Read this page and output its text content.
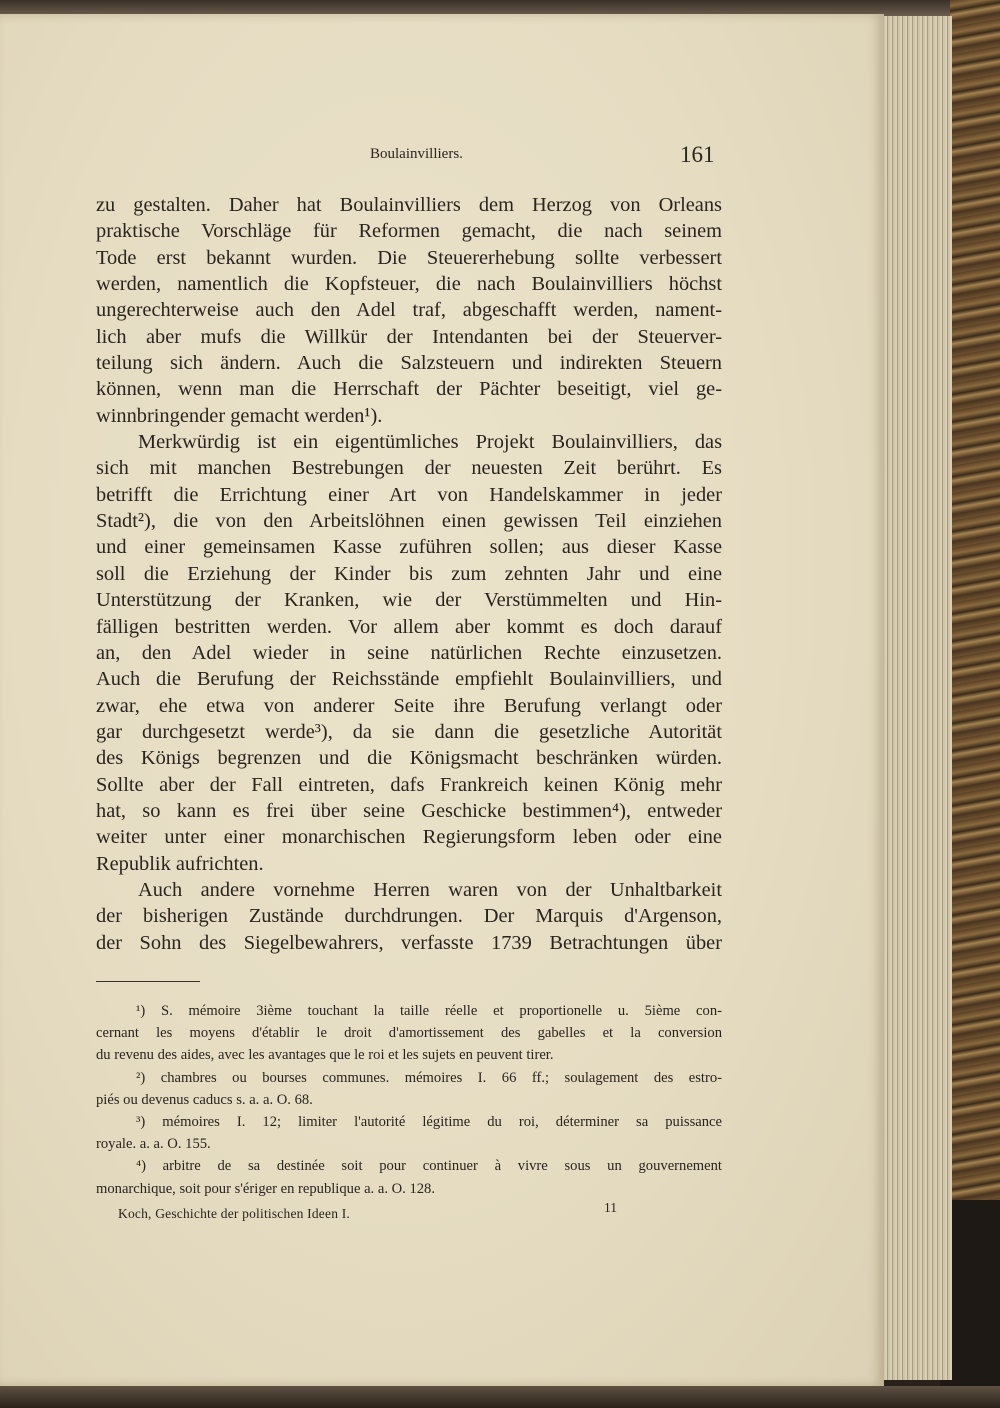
Boulainvilliers.	161
zu gestalten. Daher hat Boulainvilliers dem Herzog von Orleans
praktische Vorschläge für Reformen gemacht, die nach seinem
Tode erst bekannt wurden. Die Steuererhebung sollte verbessert
werden, namentlich die Kopfsteuer, die nach Boulainvilliers höchst
ungerechterweise auch den Adel traf, abgeschafft werden, nament-
lich aber mufs die Willkür der Intendanten bei der Steuerver-
teilung sich ändern. Auch die Salzsteuern und indirekten Steuern
können, wenn man die Herrschaft der Pächter beseitigt, viel ge-
winnbringender gemacht werden¹).
Merkwürdig ist ein eigentümliches Projekt Boulainvilliers, das
sich mit manchen Bestrebungen der neuesten Zeit berührt. Es
betrifft die Errichtung einer Art von Handelskammer in jeder
Stadt²), die von den Arbeitslöhnen einen gewissen Teil einziehen
und einer gemeinsamen Kasse zuführen sollen; aus dieser Kasse
soll die Erziehung der Kinder bis zum zehnten Jahr und eine
Unterstützung der Kranken, wie der Verstümmelten und Hin-
fälligen bestritten werden. Vor allem aber kommt es doch darauf
an, den Adel wieder in seine natürlichen Rechte einzusetzen.
Auch die Berufung der Reichsstände empfiehlt Boulainvilliers, und
zwar, ehe etwa von anderer Seite ihre Berufung verlangt oder
gar durchgesetzt werde³), da sie dann die gesetzliche Autorität
des Königs begrenzen und die Königsmacht beschränken würden.
Sollte aber der Fall eintreten, dafs Frankreich keinen König mehr
hat, so kann es frei über seine Geschicke bestimmen⁴), entweder
weiter unter einer monarchischen Regierungsform leben oder eine
Republik aufrichten.
Auch andere vornehme Herren waren von der Unhaltbarkeit
der bisherigen Zustände durchdrungen. Der Marquis d'Argenson,
der Sohn des Siegelbewahrers, verfasste 1739 Betrachtungen über
¹) S. mémoire 3ième touchant la taille réelle et proportionelle u. 5ième con-
cernant les moyens d'établir le droit d'amortissement des gabelles et la conversion
du revenu des aides, avec les avantages que le roi et les sujets en peuvent tirer.
²) chambres ou bourses communes. mémoires I. 66 ff.; soulagement des estro-
piés ou devenus caducs s. a. a. O. 68.
³) mémoires I. 12; limiter l'autorité légitime du roi, déterminer sa puissance
royale. a. a. O. 155.
⁴) arbitre de sa destinée soit pour continuer à vivre sous un gouvernement
monarchique, soit pour s'ériger en republique a. a. O. 128.
Koch, Geschichte der politischen Ideen I.	11
